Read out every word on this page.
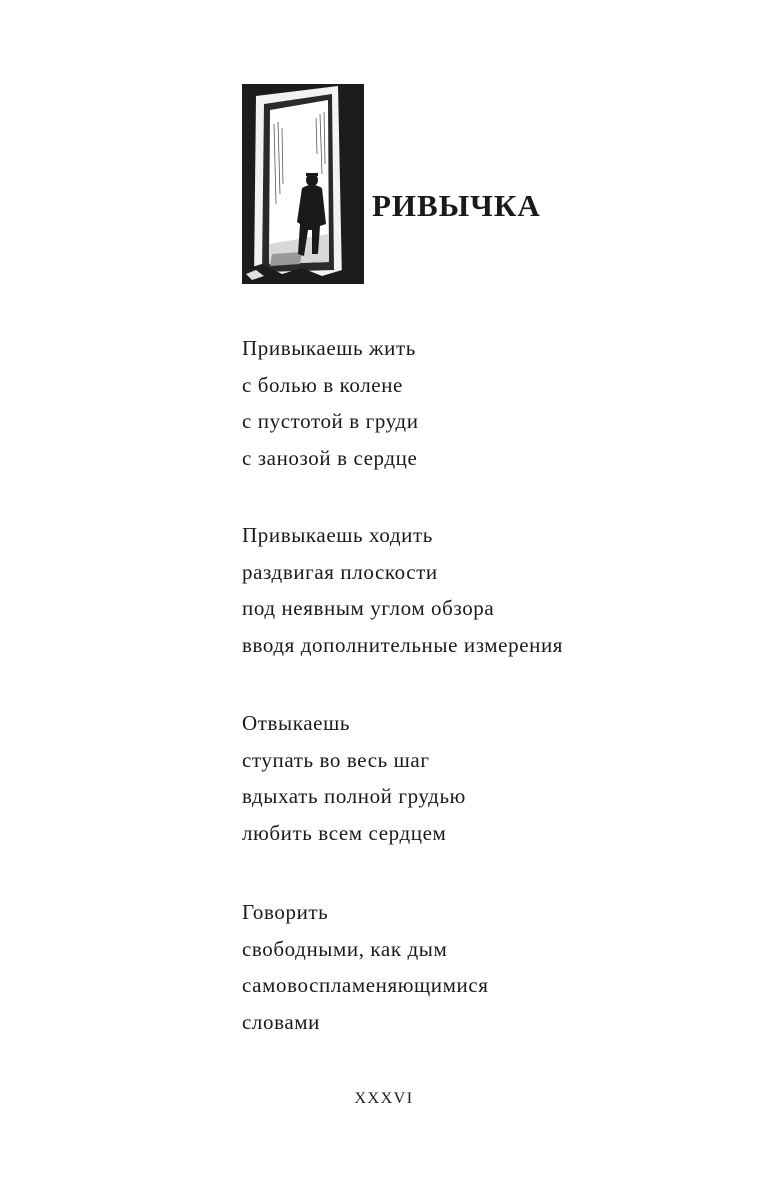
РИВЫЧКА
Привыкаешь жить
с болью в колене
с пустотой в груди
с занозой в сердце
Привыкаешь ходить
раздвигая плоскости
под неявным углом обзора
вводя дополнительные измерения
Отвыкаешь
ступать во весь шаг
вдыхать полной грудью
любить всем сердцем
Говорить
свободными, как дым
самовоспламеняющимися
словами
XXXVI
